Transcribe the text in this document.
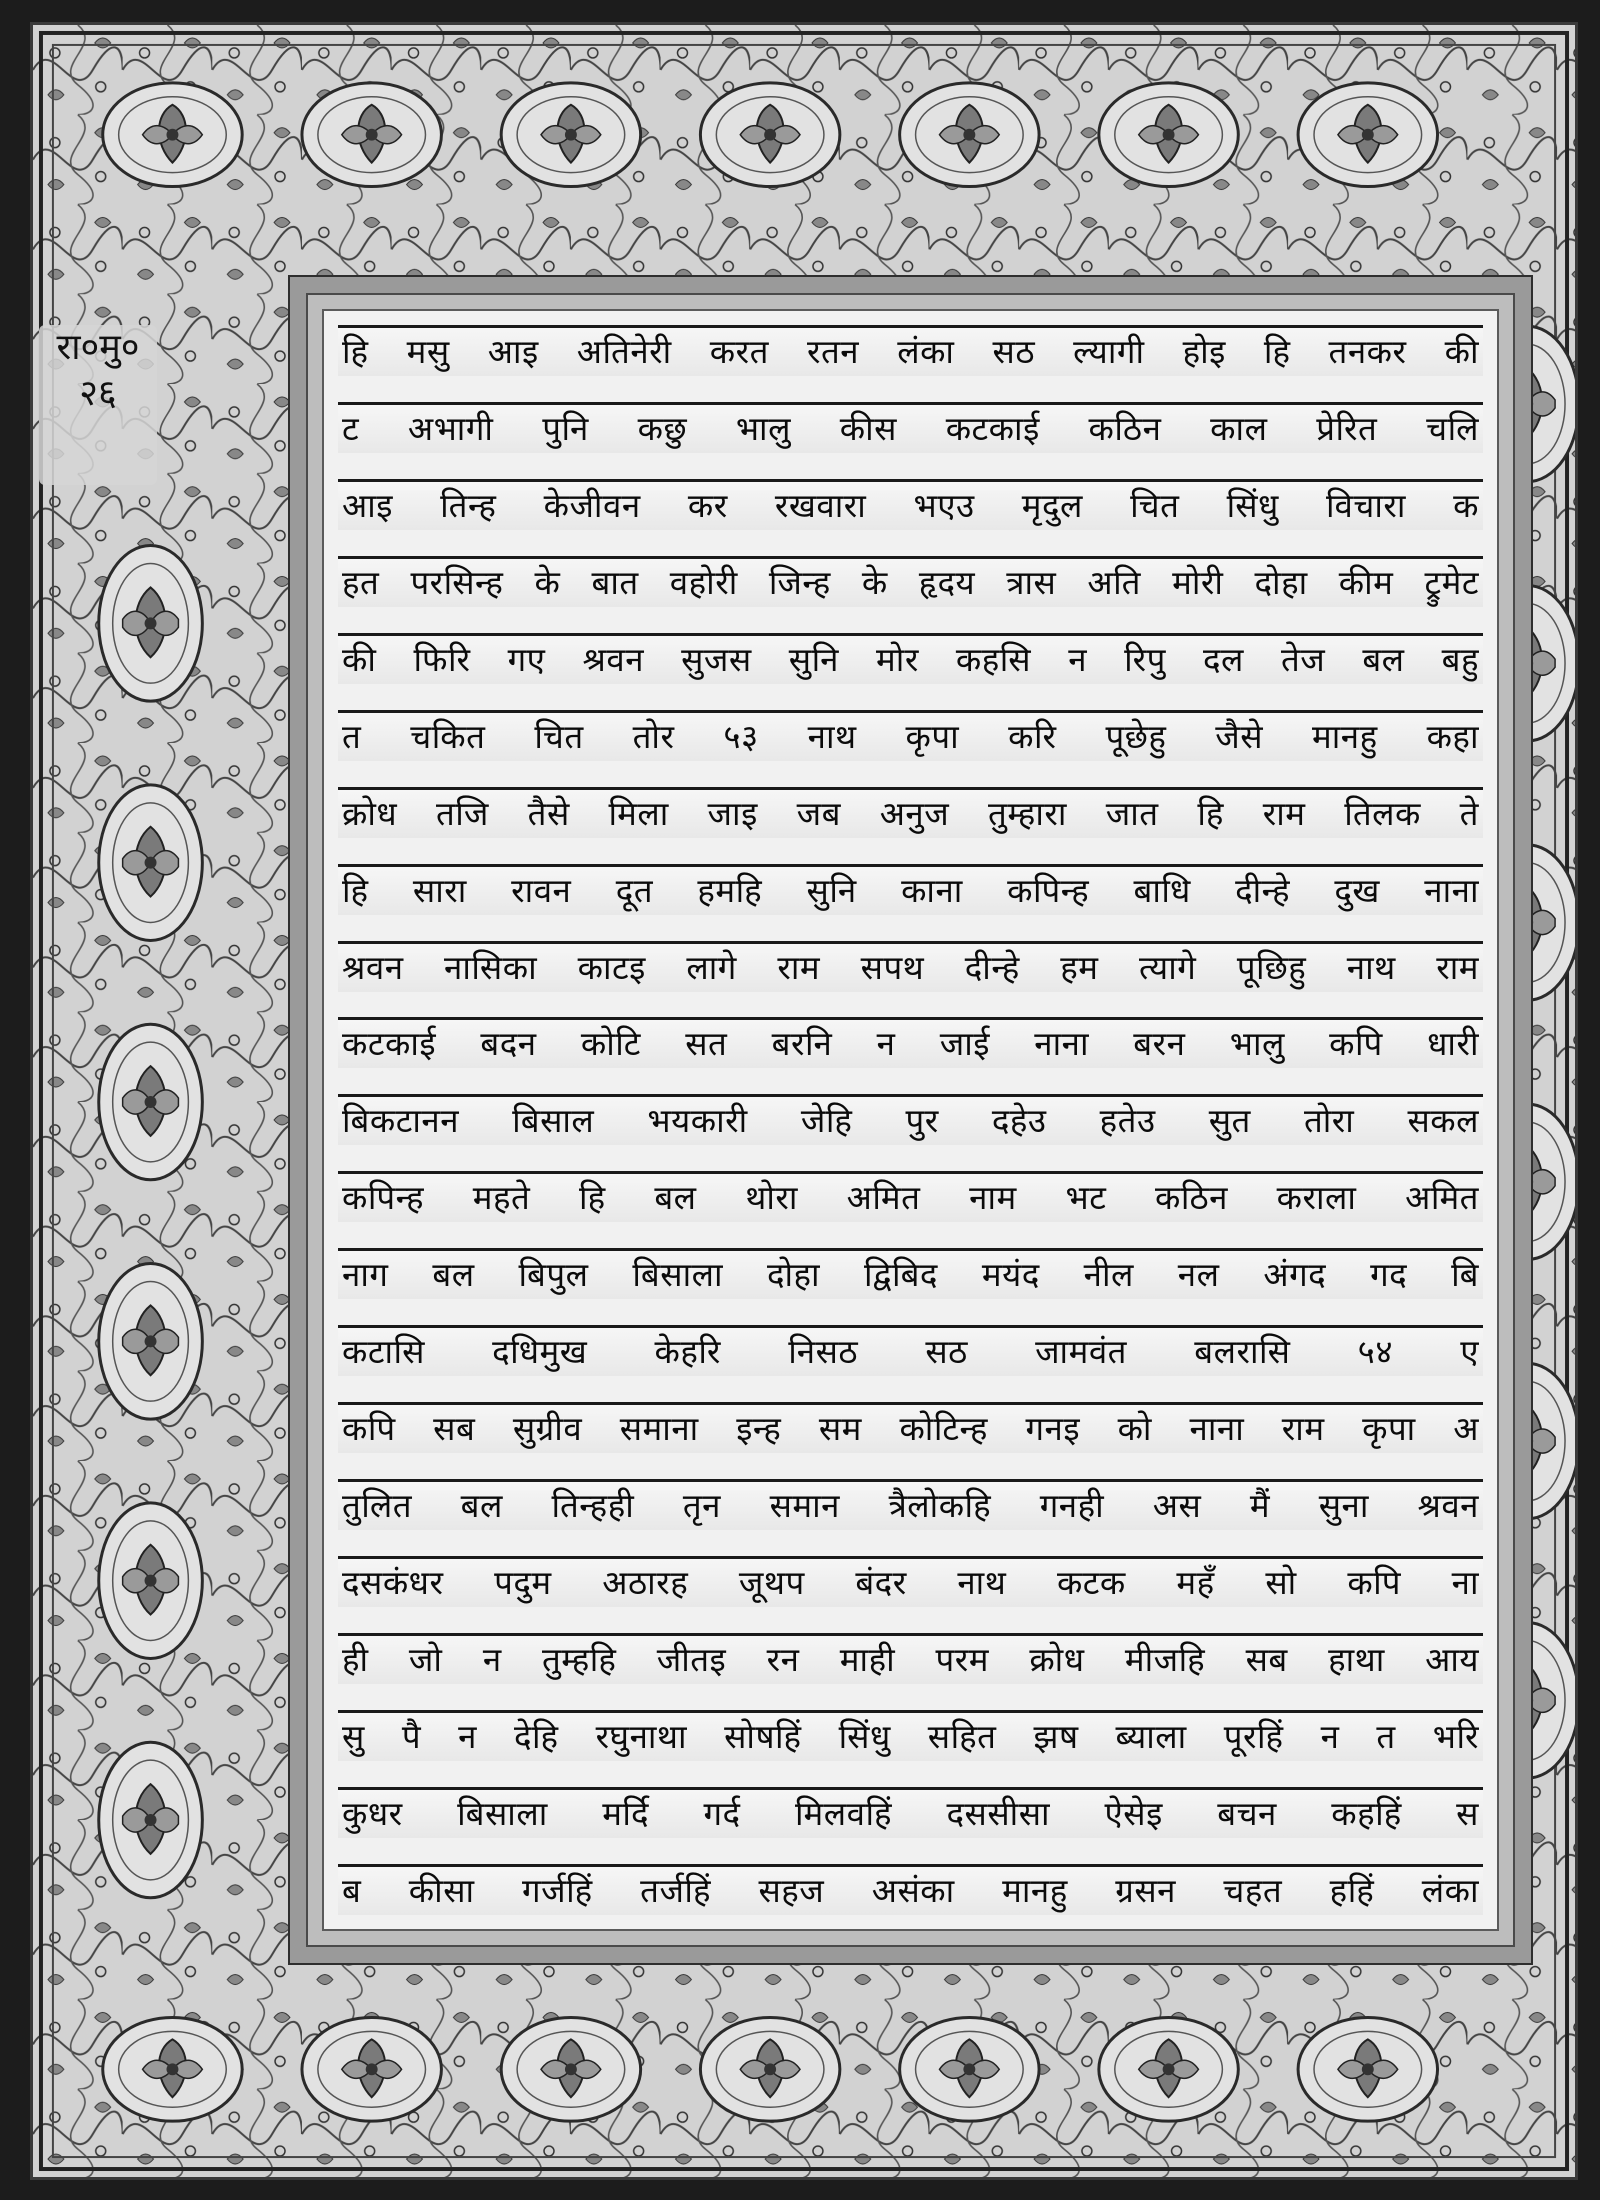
रा०मु०
२६
हि मसु आइ अतिनेरी करत रतन लंका सठ ल्यागी होइ हि तनकर की
ट अभागी पुनि कछु भालु कीस कटकाई कठिन काल प्रेरित चलि
आइ तिन्ह केजीवन कर रखवारा भएउ मृदुल चित सिंधु विचारा क
हत परसिन्ह के बात वहोरी जिन्ह के हृदय त्रास अति मोरी दोहा कीम ट्रुमेट
की फिरि गए श्रवन सुजस सुनि मोर कहसि न रिपु दल तेज बल बहु
त चकित चित तोर ५३ नाथ कृपा करि पूछेहु जैसे मानहु कहा
क्रोध तजि तैसे मिला जाइ जब अनुज तुम्हारा जात हि राम तिलक ते
हि सारा रावन दूत हमहि सुनि काना कपिन्ह बाधि दीन्हे दुख नाना
श्रवन नासिका काटइ लागे राम सपथ दीन्हे हम त्यागे पूछिहु नाथ राम
कटकाई बदन कोटि सत बरनि न जाई नाना बरन भालु कपि धारी
बिकटानन बिसाल भयकारी जेहि पुर दहेउ हतेउ सुत तोरा सकल
कपिन्ह महते हि बल थोरा अमित नाम भट कठिन कराला अमित
नाग बल बिपुल बिसाला दोहा द्विबिद मयंद नील नल अंगद गद बि
कटासि दधिमुख केहरि निसठ सठ जामवंत बलरासि ५४ ए
कपि सब सुग्रीव समाना इन्ह सम कोटिन्ह गनइ को नाना राम कृपा अ
तुलित बल तिन्हही तृन समान त्रैलोकहि गनही अस मैं सुना श्रवन
दसकंधर पदुम अठारह जूथप बंदर नाथ कटक महँ सो कपि ना
ही जो न तुम्हहि जीतइ रन माही परम क्रोध मीजहि सब हाथा आय
सु पै न देहि रघुनाथा सोषहिं सिंधु सहित झष ब्याला पूरहिं न त भरि
कुधर बिसाला मर्दि गर्द मिलवहिं दससीसा ऐसेइ बचन कहहिं स
ब कीसा गर्जहिं तर्जहिं सहज असंका मानहु ग्रसन चहत हहिं लंका
